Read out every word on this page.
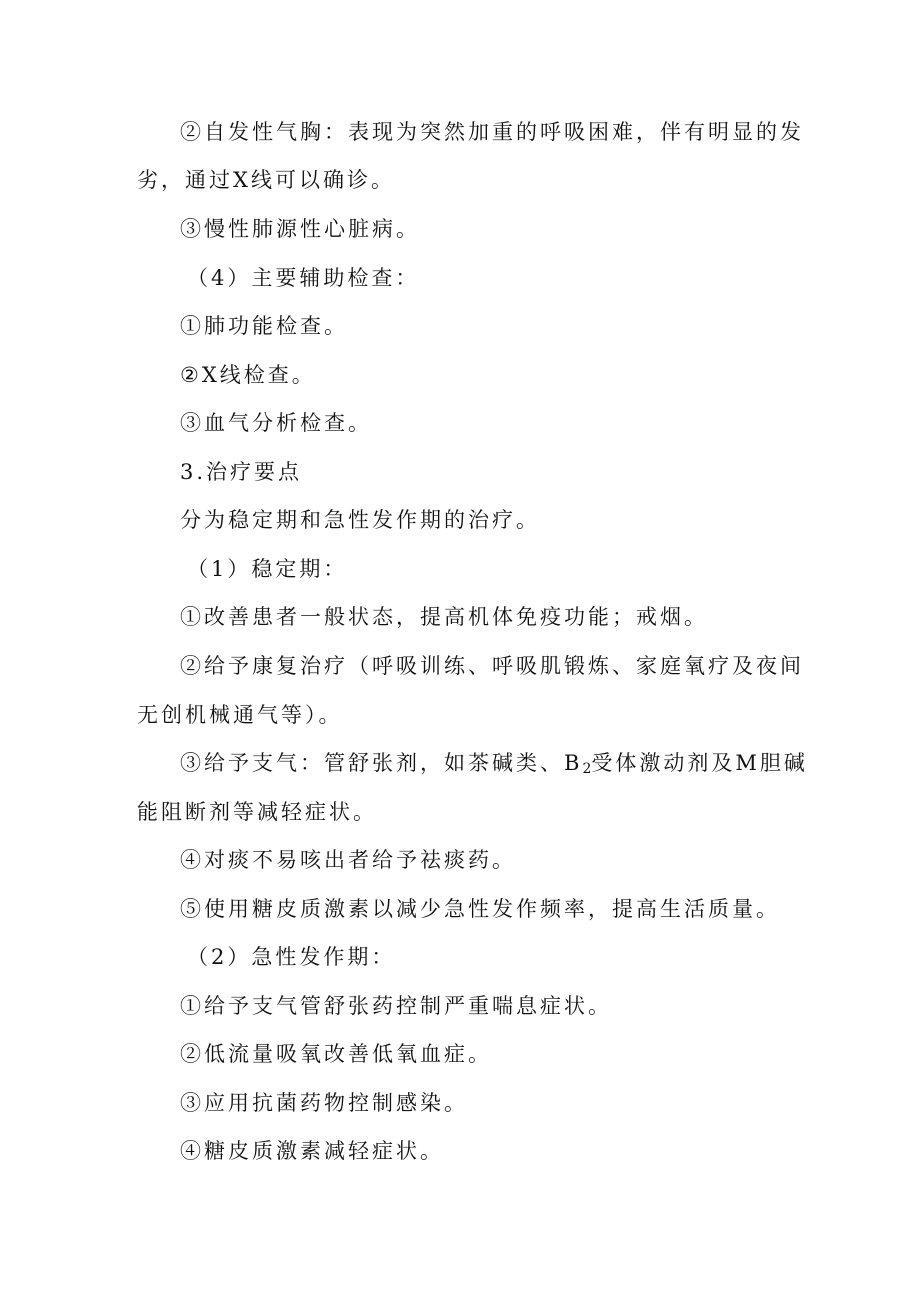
②自发性气胸：表现为突然加重的呼吸困难，伴有明显的发
劣，通过X线可以确诊。
③慢性肺源性心脏病。
（4）主要辅助检查：
①肺功能检查。
②X线检查。
③血气分析检查。
3.治疗要点
分为稳定期和急性发作期的治疗。
（1）稳定期：
①改善患者一般状态，提高机体免疫功能；戒烟。
②给予康复治疗（呼吸训练、呼吸肌锻炼、家庭氧疗及夜间
无创机械通气等）。
③给予支气：管舒张剂，如茶碱类、$B_2$受体激动剂及M胆碱
能阻断剂等减轻症状。
④对痰不易咳出者给予祛痰药。
⑤使用糖皮质激素以减少急性发作频率，提高生活质量。
（2）急性发作期：
①给予支气管舒张药控制严重喘息症状。
②低流量吸氧改善低氧血症。
③应用抗菌药物控制感染。
④糖皮质激素减轻症状。
